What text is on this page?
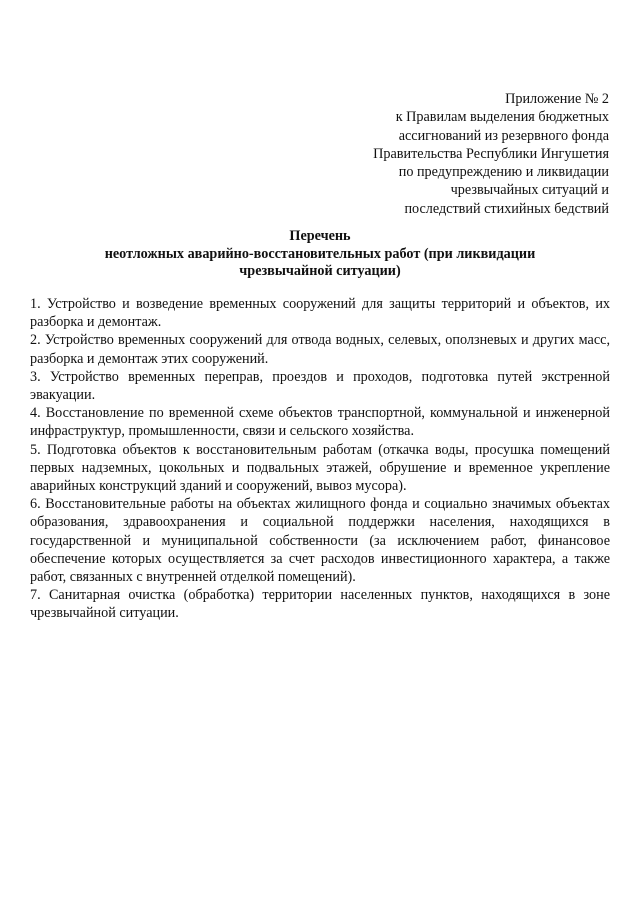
Приложение № 2
к Правилам выделения бюджетных
ассигнований из резервного фонда
Правительства Республики Ингушетия
по предупреждению и ликвидации
чрезвычайных ситуаций и
последствий стихийных бедствий
Перечень
неотложных аварийно-восстановительных работ (при ликвидации
чрезвычайной ситуации)

1. Устройство и возведение временных сооружений для защиты территорий и объектов, их разборка и демонтаж.

2. Устройство временных сооружений для отвода водных, селевых, оползневых и других масс, разборка и демонтаж этих сооружений.

3. Устройство временных переправ, проездов и проходов, подготовка путей экстренной эвакуации.

4. Восстановление по временной схеме объектов транспортной, коммунальной и инженерной инфраструктур, промышленности, связи и сельского хозяйства.

5. Подготовка объектов к восстановительным работам (откачка воды, просушка помещений первых надземных, цокольных и подвальных этажей, обрушение и временное укрепление аварийных конструкций зданий и сооружений, вывоз мусора).

6. Восстановительные работы на объектах жилищного фонда и социально значимых объектах образования, здравоохранения и социальной поддержки населения, находящихся в государственной и муниципальной собственности (за исключением работ, финансовое обеспечение которых осуществляется за счет расходов инвестиционного характера, а также работ, связанных с внутренней отделкой помещений).

7. Санитарная очистка (обработка) территории населенных пунктов, находящихся в зоне чрезвычайной ситуации.
